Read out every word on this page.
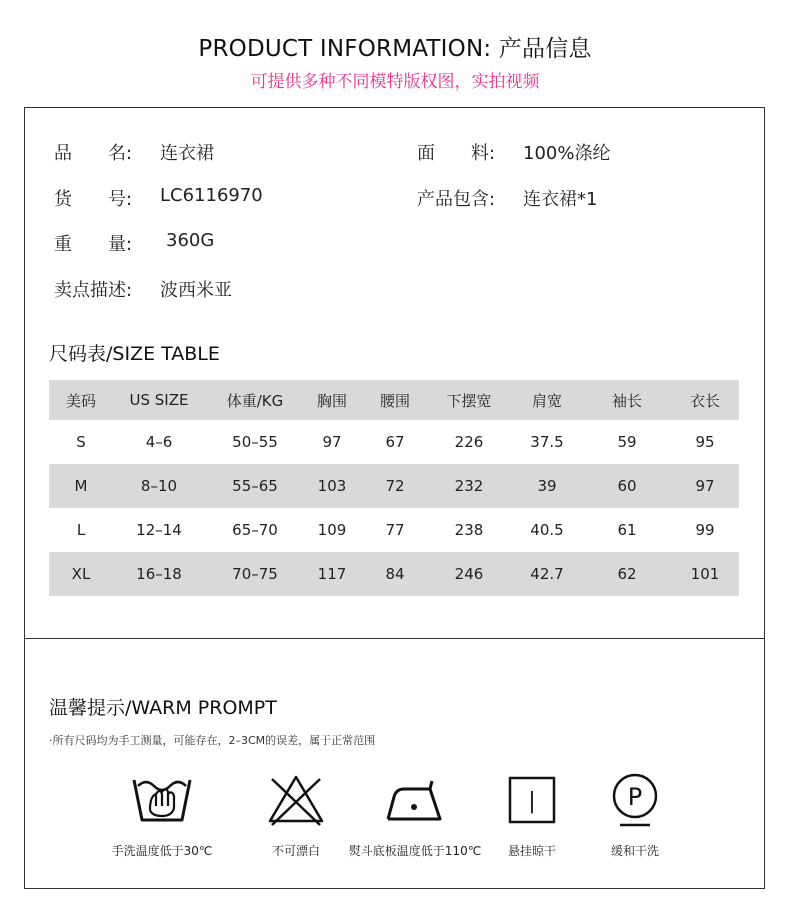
PRODUCT INFORMATION: 产品信息
可提供多种不同模特版权图，实拍视频
品　　名: 连衣裙	面　　料: 100%涤纶
货　　号: LC6116970	产品包含: 连衣裙*1
重　　量: 360G
卖点描述: 波西米亚
尺码表/SIZE TABLE
美码	US SIZE	体重/KG	胸围	腰围	下摆宽	肩宽	袖长	衣长
S	4–6	50–55	97	67	226	37.5	59	95
M	8–10	55–65	103	72	232	39	60	97
L	12–14	65–70	109	77	238	40.5	61	99
XL	16–18	70–75	117	84	246	42.7	62	101
温馨提示/WARM PROMPT
·所有尺码均为手工测量，可能存在，2–3CM的误差，属于正常范围
手洗温度低于30℃	不可漂白	熨斗底板温度低于110℃
|
悬挂晾干
P
缓和干洗
